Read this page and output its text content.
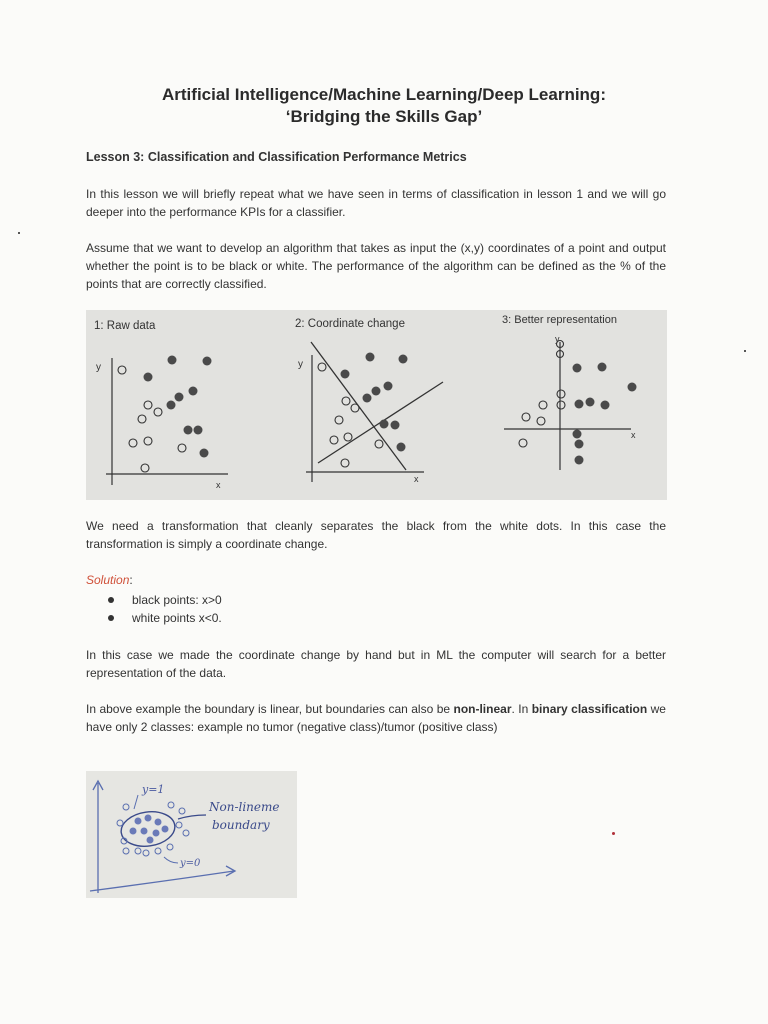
Artificial Intelligence/Machine Learning/Deep Learning:
‘Bridging the Skills Gap’
Lesson 3: Classification and Classification Performance Metrics
In this lesson we will briefly repeat what we have seen in terms of classification in lesson 1 and we will go deeper into the performance KPIs for a classifier.
Assume that we want to develop an algorithm that takes as input the (x,y) coordinates of a point and output whether the point is to be black or white. The performance of the algorithm can be defined as the % of the points that are correctly classified.
1: Raw data
y
x
2: Coordinate change
y
x
3: Better representation
y
x
We need a transformation that cleanly separates the black from the white dots. In this case the transformation is simply a coordinate change.
Solution:
black points: x>0
white points x<0.
In this case we made the coordinate change by hand but in ML the computer will search for a better representation of the data.
In above example the boundary is linear, but boundaries can also be non-linear. In binary classification we have only 2 classes: example no tumor (negative class)/tumor (positive class)
y=1
Non-lineme
boundary
y=0
